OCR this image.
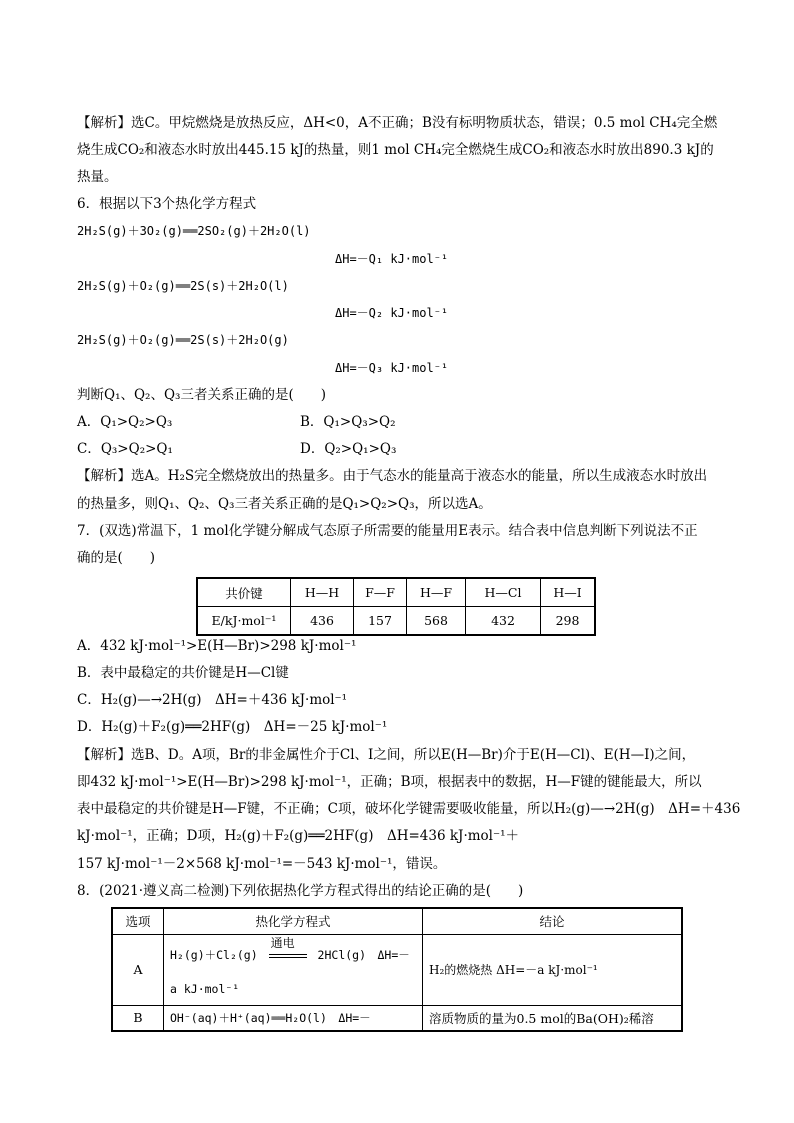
【解析】选C。甲烷燃烧是放热反应，ΔH<0，A不正确；B没有标明物质状态，错误；0.5 mol CH₄完全燃
烧生成CO₂和液态水时放出445.15 kJ的热量，则1 mol CH₄完全燃烧生成CO₂和液态水时放出890.3 kJ的
热量。
6．根据以下3个热化学方程式
2H₂S(g)＋3O₂(g)══2SO₂(g)＋2H₂O(l)
ΔH=－Q₁ kJ·mol⁻¹
2H₂S(g)＋O₂(g)══2S(s)＋2H₂O(l)
ΔH=－Q₂ kJ·mol⁻¹
2H₂S(g)＋O₂(g)══2S(s)＋2H₂O(g)
ΔH=－Q₃ kJ·mol⁻¹
判断Q₁、Q₂、Q₃三者关系正确的是(　　)
A．Q₁>Q₂>Q₃	B．Q₁>Q₃>Q₂
C．Q₃>Q₂>Q₁	D．Q₂>Q₁>Q₃
【解析】选A。H₂S完全燃烧放出的热量多。由于气态水的能量高于液态水的能量，所以生成液态水时放出
的热量多，则Q₁、Q₂、Q₃三者关系正确的是Q₁>Q₂>Q₃，所以选A。
7．(双选)常温下，1 mol化学键分解成气态原子所需要的能量用E表示。结合表中信息判断下列说法不正
确的是(　　)
共价键	H—H	F—F	H—F	H—Cl	H—I
E/kJ·mol⁻¹	436	157	568	432	298
A．432 kJ·mol⁻¹>E(H—Br)>298 kJ·mol⁻¹
B．表中最稳定的共价键是H—Cl键
C．H₂(g)—→2H(g)　ΔH=＋436 kJ·mol⁻¹
D．H₂(g)＋F₂(g)══2HF(g)　ΔH=－25 kJ·mol⁻¹
【解析】选B、D。A项，Br的非金属性介于Cl、I之间，所以E(H—Br)介于E(H—Cl)、E(H—I)之间，
即432 kJ·mol⁻¹>E(H—Br)>298 kJ·mol⁻¹，正确；B项，根据表中的数据，H—F键的键能最大，所以
表中最稳定的共价键是H—F键，不正确；C项，破坏化学键需要吸收能量，所以H₂(g)—→2H(g)　ΔH=＋436
kJ·mol⁻¹，正确；D项，H₂(g)＋F₂(g)══2HF(g)　ΔH=436 kJ·mol⁻¹＋
157 kJ·mol⁻¹－2×568 kJ·mol⁻¹=－543 kJ·mol⁻¹，错误。
8．(2021·遵义高二检测)下列依据热化学方程式得出的结论正确的是(　　)
选项	热化学方程式	结论
A	H₂(g)＋Cl₂(g)
通电
2HCl(g)　ΔH=－
a kJ·mol⁻¹	H₂的燃烧热 ΔH=－a kJ·mol⁻¹
B	OH⁻(aq)＋H⁺(aq)══H₂O(l)　ΔH=－	溶质物质的量为0.5 mol的Ba(OH)₂稀溶
